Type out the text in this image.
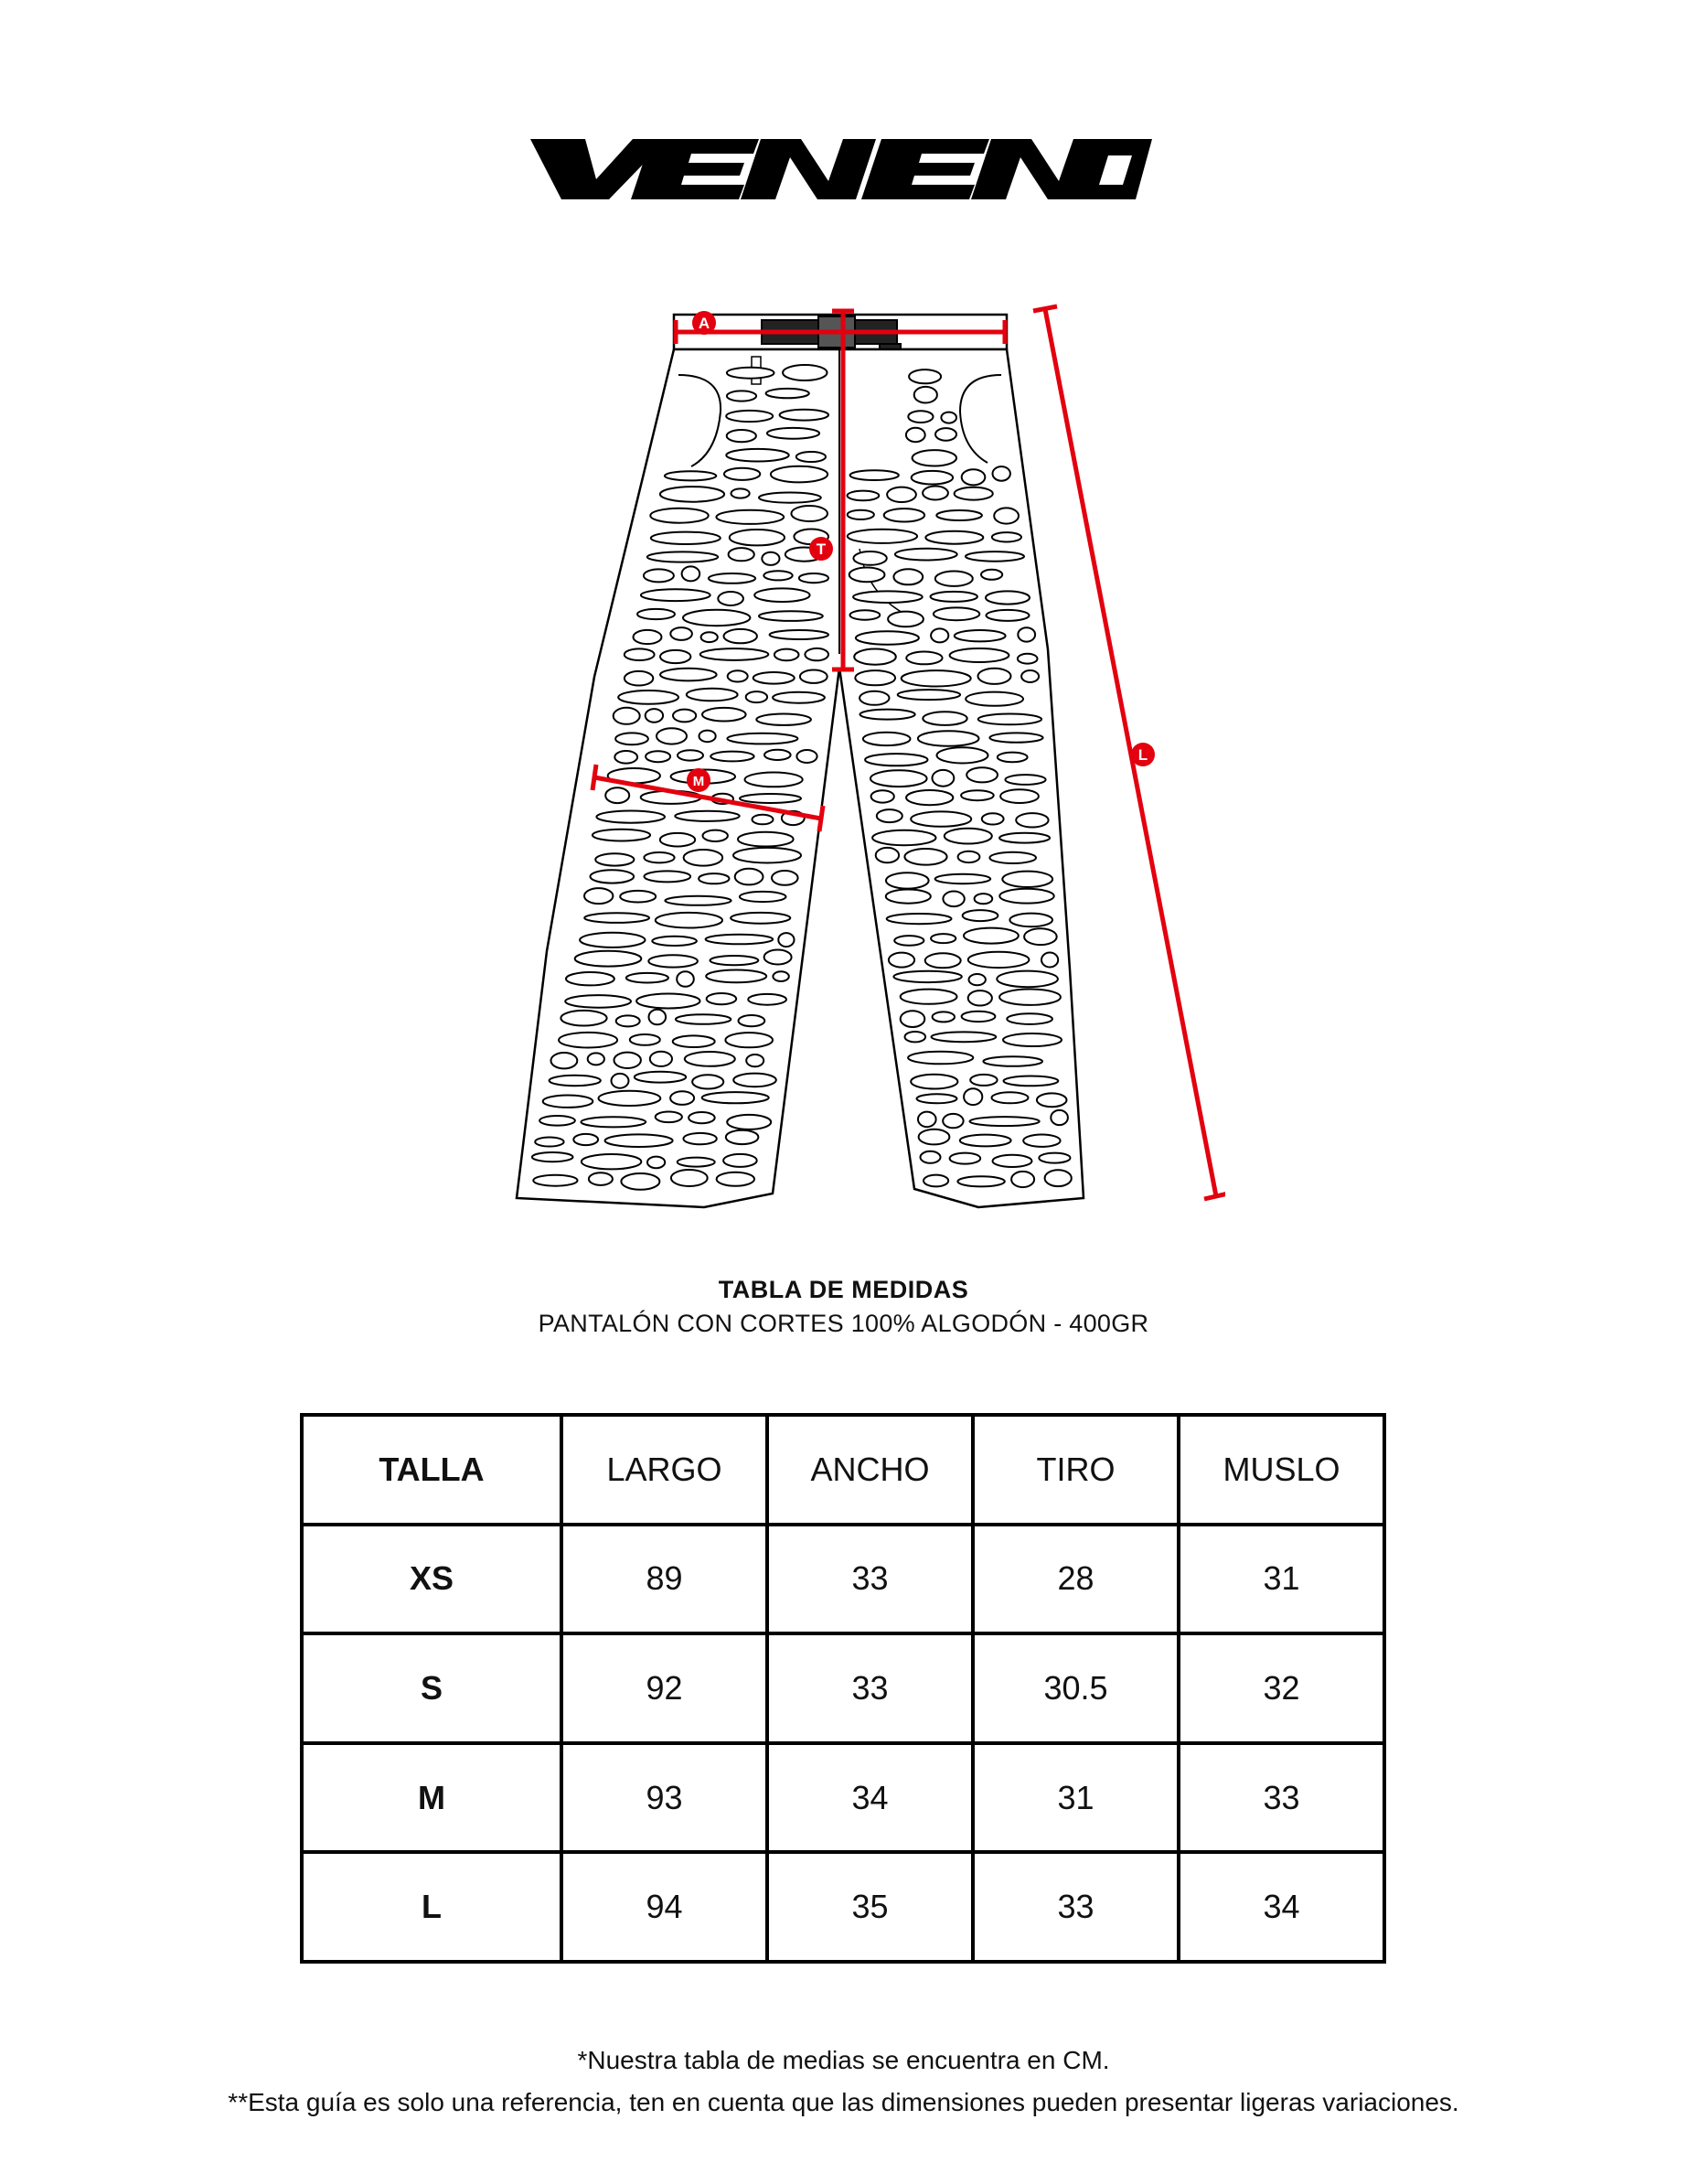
A
T
L
M
TABLA DE MEDIDAS
PANTALÓN CON CORTES 100% ALGODÓN - 400GR
TALLA	LARGO	ANCHO	TIRO	MUSLO
XS	89	33	28	31
S	92	33	30.5	32
M	93	34	31	33
L	94	35	33	34
*Nuestra tabla de medias se encuentra en CM.
**Esta guía es solo una referencia, ten en cuenta que las dimensiones pueden presentar ligeras variaciones.
